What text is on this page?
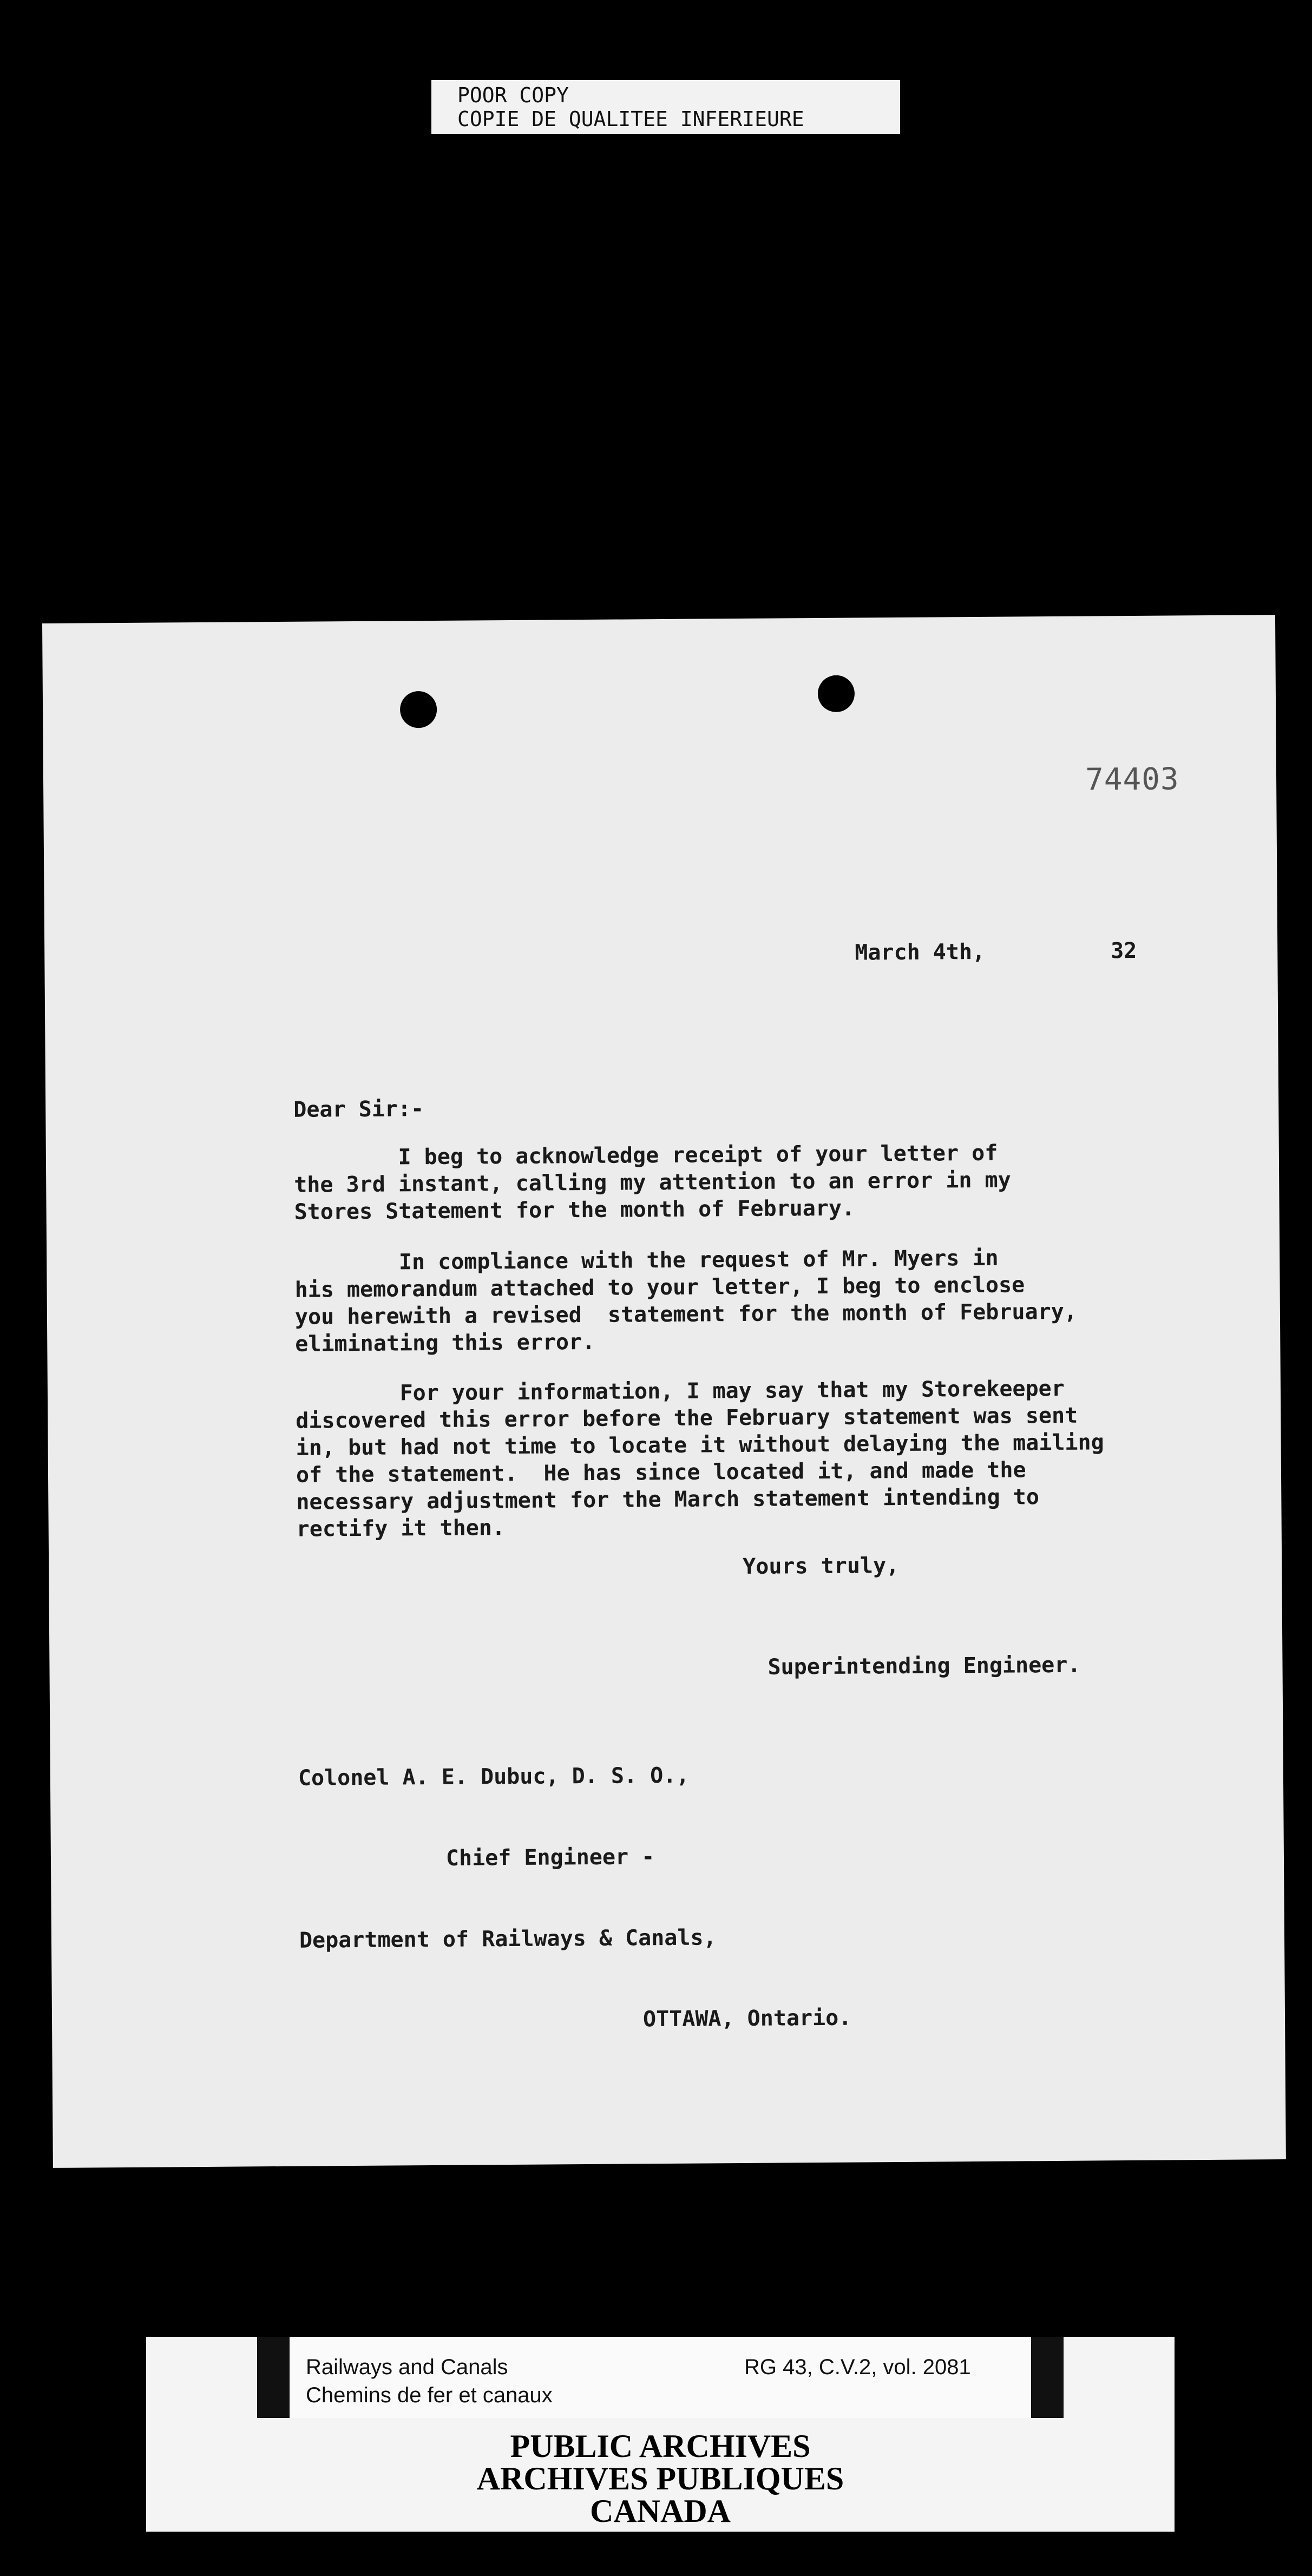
POOR COPY
COPIE DE QUALITEE INFERIEURE
74403
March 4th,	32
Dear Sir:-
I beg to acknowledge receipt of your letter of
the 3rd instant, calling my attention to an error in my
Stores Statement for the month of February.
In compliance with the request of Mr. Myers in
his memorandum attached to your letter, I beg to enclose
you herewith a revised  statement for the month of February,
eliminating this error.
For your information, I may say that my Storekeeper
discovered this error before the February statement was sent
in, but had not time to locate it without delaying the mailing
of the statement.  He has since located it, and made the
necessary adjustment for the March statement intending to
rectify it then.
Yours truly,
Superintending Engineer.

Colonel A. E. Dubuc, D. S. O.,

Chief Engineer -

Department of Railways & Canals,

OTTAWA, Ontario.

Railways and Canals
Chemins de fer et canaux
RG 43, C.V.2, vol. 2081
PUBLIC ARCHIVES
ARCHIVES PUBLIQUES
CANADA
